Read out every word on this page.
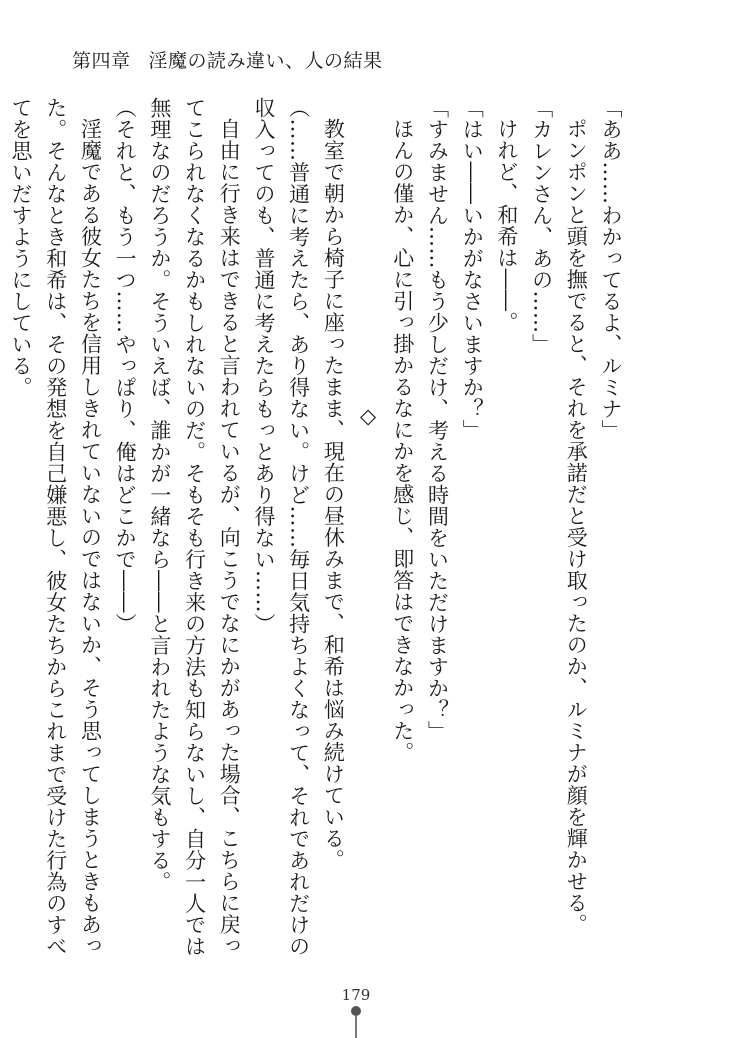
第四章 淫魔の読み違い、人の結果
「ああ……わかってるよ、ルミナ」
ポンポンと頭を撫でると、それを承諾だと受け取ったのか、ルミナが顔を輝かせる。
「カレンさん、あの……」
けれど、和希は――。
「はい――いかがなさいますか？」
「すみません……もう少しだけ、考える時間をいただけますか？」
ほんの僅か、心に引っ掛かるなにかを感じ、即答はできなかった。
◇
教室で朝から椅子に座ったまま、現在の昼休みまで、和希は悩み続けている。
（……普通に考えたら、あり得ない。けど……毎日気持ちよくなって、それであれだけの
収入ってのも、普通に考えたらもっとあり得ない……）
自由に行き来はできると言われているが、向こうでなにかがあった場合、こちらに戻っ
てこられなくなるかもしれないのだ。そもそも行き来の方法も知らないし、自分一人では
無理なのだろうか。そういえば、誰かが一緒なら――と言われたような気もする。
（それと、もう一つ……やっぱり、俺はどこかで――）
淫魔である彼女たちを信用しきれていないのではないか、そう思ってしまうときもあっ
た。そんなとき和希は、その発想を自己嫌悪し、彼女たちからこれまで受けた行為のすべ
てを思いだすようにしている。
179
